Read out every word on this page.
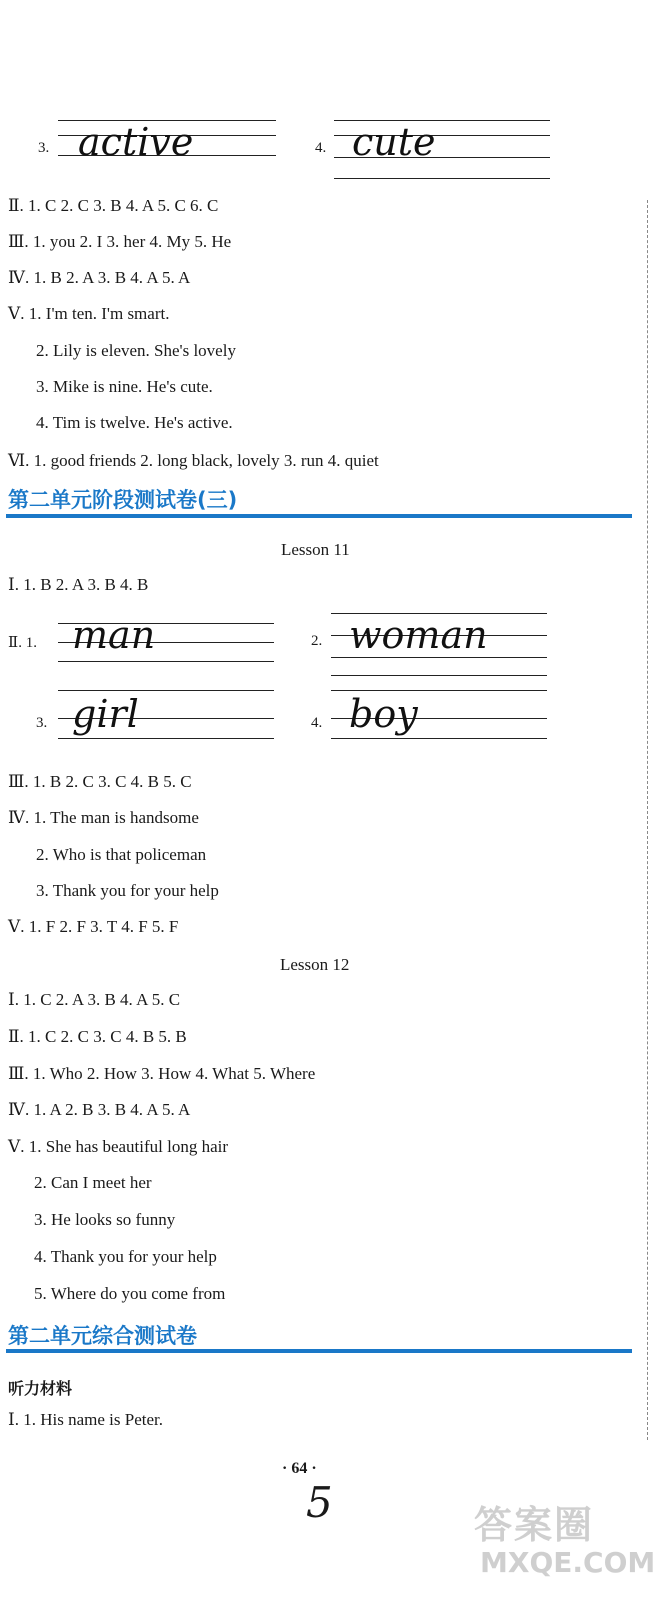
3. active	4. cute
Ⅱ. 1. C 2. C 3. B 4. A 5. C 6. C
Ⅲ. 1. you 2. I 3. her 4. My 5. He
Ⅳ. 1. B 2. A 3. B 4. A 5. A
Ⅴ. 1. I'm ten. I'm smart.
2. Lily is eleven. She's lovely
3. Mike is nine. He's cute.
4. Tim is twelve. He's active.
Ⅵ. 1. good friends 2. long black, lovely 3. run 4. quiet
第二单元阶段测试卷(三)
Lesson 11
Ⅰ. 1. B 2. A 3. B 4. B
Ⅱ. 1. man	2. woman
3. girl	4. boy
Ⅲ. 1. B 2. C 3. C 4. B 5. C
Ⅳ. 1. The man is handsome
2. Who is that policeman
3. Thank you for your help
Ⅴ. 1. F 2. F 3. T 4. F 5. F
Lesson 12
Ⅰ. 1. C 2. A 3. B 4. A 5. C
Ⅱ. 1. C 2. C 3. C 4. B 5. B
Ⅲ. 1. Who 2. How 3. How 4. What 5. Where
Ⅳ. 1. A 2. B 3. B 4. A 5. A
Ⅴ. 1. She has beautiful long hair
2. Can I meet her
3. He looks so funny
4. Thank you for your help
5. Where do you come from
第二单元综合测试卷
听力材料
Ⅰ. 1. His name is Peter.
· 64 ·
5	答案圈
MXQE.COM
